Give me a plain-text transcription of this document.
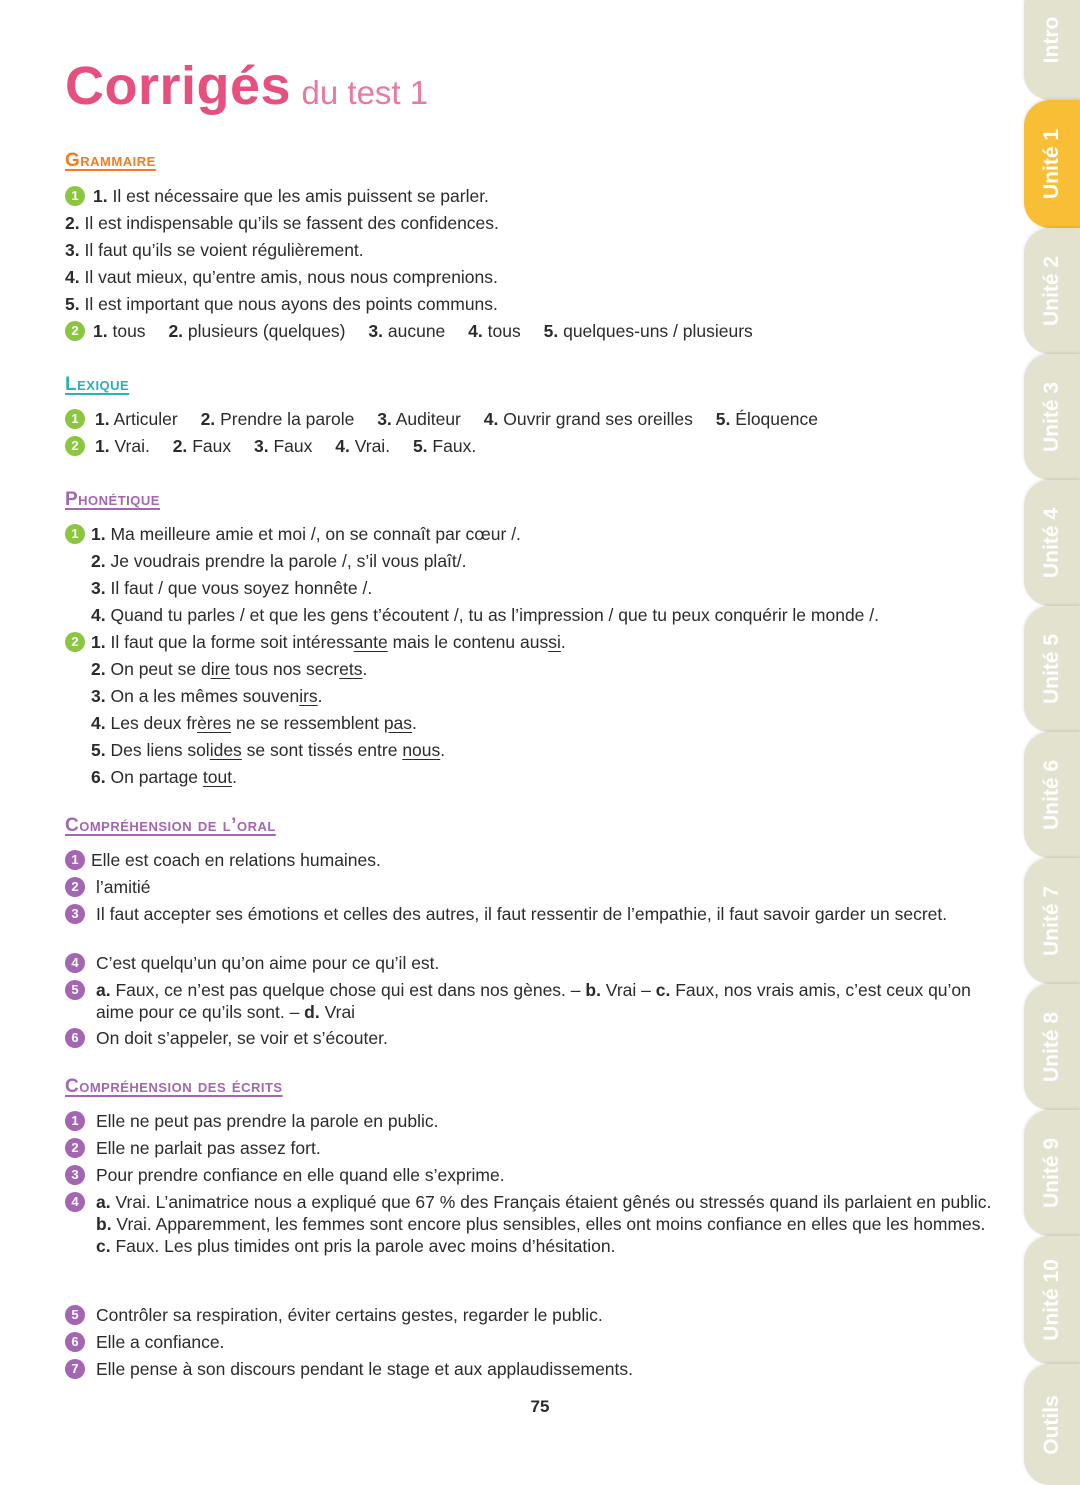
Corrigés du test 1
Grammaire
1 1. Il est nécessaire que les amis puissent se parler.
2. Il est indispensable qu’ils se fassent des confidences.
3. Il faut qu’ils se voient régulièrement.
4. Il vaut mieux, qu’entre amis, nous nous comprenions.
5. Il est important que nous ayons des points communs.
2 1. tous 2. plusieurs (quelques) 3. aucune 4. tous 5. quelques-uns / plusieurs
Lexique
1 1. Articuler 2. Prendre la parole 3. Auditeur 4. Ouvrir grand ses oreilles 5. Éloquence
2 1. Vrai. 2. Faux 3. Faux 4. Vrai. 5. Faux.
Phonétique
1 1. Ma meilleure amie et moi /, on se connaît par cœur /.
2. Je voudrais prendre la parole /, s’il vous plaît/.
3. Il faut / que vous soyez honnête /.
4. Quand tu parles / et que les gens t’écoutent /, tu as l’impression / que tu peux conquérir le monde /.
2 1. Il faut que la forme soit intéressante mais le contenu aussi.
2. On peut se dire tous nos secrets.
3. On a les mêmes souvenirs.
4. Les deux frères ne se ressemblent pas.
5. Des liens solides se sont tissés entre nous.
6. On partage tout.
Compréhension de l’oral
1 Elle est coach en relations humaines.
2 l’amitié
3 Il faut accepter ses émotions et celles des autres, il faut ressentir de l’empathie, il faut savoir garder un secret.
4 C’est quelqu’un qu’on aime pour ce qu’il est.
5 a. Faux, ce n’est pas quelque chose qui est dans nos gènes. – b. Vrai – c. Faux, nos vrais amis, c’est ceux qu’on aime pour ce qu’ils sont. – d. Vrai
6 On doit s’appeler, se voir et s’écouter.
Compréhension des écrits
1 Elle ne peut pas prendre la parole en public.
2 Elle ne parlait pas assez fort.
3 Pour prendre confiance en elle quand elle s’exprime.
4 a. Vrai. L’animatrice nous a expliqué que 67 % des Français étaient gênés ou stressés quand ils parlaient en public.
b. Vrai. Apparemment, les femmes sont encore plus sensibles, elles ont moins confiance en elles que les hommes.
c. Faux. Les plus timides ont pris la parole avec moins d’hésitation.
5 Contrôler sa respiration, éviter certains gestes, regarder le public.
6 Elle a confiance.
7 Elle pense à son discours pendant le stage et aux applaudissements.
75
Intro
Unité 1
Unité 2
Unité 3
Unité 4
Unité 5
Unité 6
Unité 7
Unité 8
Unité 9
Unité 10
Outils
